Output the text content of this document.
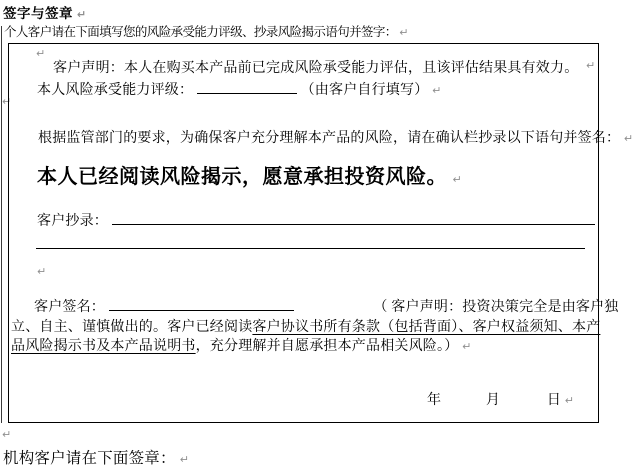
签字与签章 ↵
个人客户请在下面填写您的风险承受能力评级、抄录风险揭示语句并签字： ↵
↵
↵
客户声明：本人在购买本产品前已完成风险承受能力评估，且该评估结果具有效力。 ↵
本人风险承受能力评级：	（由客户自行填写） ↵
根据监管部门的要求，为确保客户充分理解本产品的风险，请在确认栏抄录以下语句并签名： ↵
本人已经阅读风险揭示，愿意承担投资风险。 ↵
客户抄录：
↵
客户签名：	（ 客户声明：投资决策完全是由客户独
立、自主、谨慎做出的。客户已经阅读客户协议书所有条款（包括背面）、客户权益须知、本产
品风险揭示书及本产品说明书，充分理解并自愿承担本产品相关风险。） ↵
年	月	日 ↵
↵
机构客户请在下面签章： ↵
